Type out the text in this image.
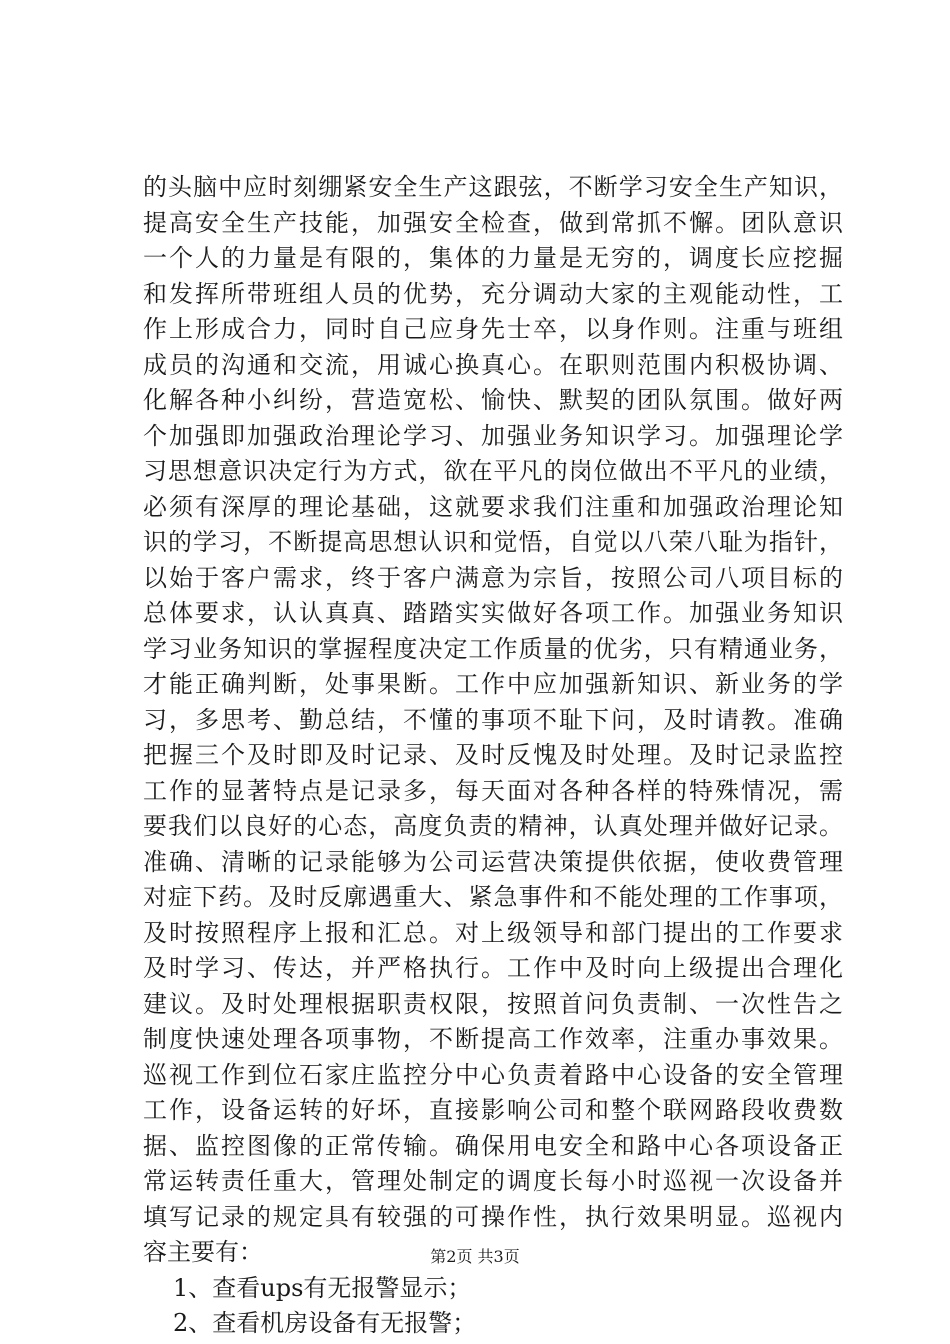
的头脑中应时刻绷紧安全生产这跟弦，不断学习安全生产知识，
提高安全生产技能，加强安全检查，做到常抓不懈。团队意识
一个人的力量是有限的，集体的力量是无穷的，调度长应挖掘
和发挥所带班组人员的优势，充分调动大家的主观能动性，工
作上形成合力，同时自己应身先士卒，以身作则。注重与班组
成员的沟通和交流，用诚心换真心。在职则范围内积极协调、
化解各种小纠纷，营造宽松、愉快、默契的团队氛围。做好两
个加强即加强政治理论学习、加强业务知识学习。加强理论学
习思想意识决定行为方式，欲在平凡的岗位做出不平凡的业绩，
必须有深厚的理论基础，这就要求我们注重和加强政治理论知
识的学习，不断提高思想认识和觉悟，自觉以八荣八耻为指针，
以始于客户需求，终于客户满意为宗旨，按照公司八项目标的
总体要求，认认真真、踏踏实实做好各项工作。加强业务知识
学习业务知识的掌握程度决定工作质量的优劣，只有精通业务，
才能正确判断，处事果断。工作中应加强新知识、新业务的学
习，多思考、勤总结，不懂的事项不耻下问，及时请教。准确
把握三个及时即及时记录、及时反愧及时处理。及时记录监控
工作的显著特点是记录多，每天面对各种各样的特殊情况，需
要我们以良好的心态，高度负责的精神，认真处理并做好记录。
准确、清晰的记录能够为公司运营决策提供依据，使收费管理
对症下药。及时反廓遇重大、紧急事件和不能处理的工作事项，
及时按照程序上报和汇总。对上级领导和部门提出的工作要求
及时学习、传达，并严格执行。工作中及时向上级提出合理化
建议。及时处理根据职责权限，按照首问负责制、一次性告之
制度快速处理各项事物，不断提高工作效率，注重办事效果。
巡视工作到位石家庄监控分中心负责着路中心设备的安全管理
工作，设备运转的好坏，直接影响公司和整个联网路段收费数
据、监控图像的正常传输。确保用电安全和路中心各项设备正
常运转责任重大，管理处制定的调度长每小时巡视一次设备并
填写记录的规定具有较强的可操作性，执行效果明显。巡视内
容主要有：
1、查看ups有无报警显示；
2、查看机房设备有无报警；
第2页 共3页
